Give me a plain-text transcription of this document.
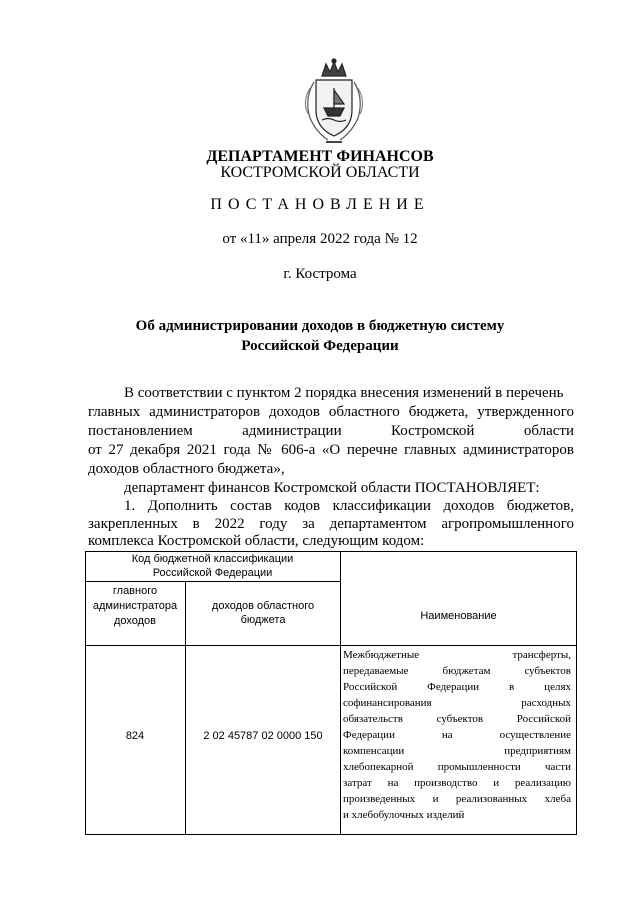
ДЕПАРТАМЕНТ ФИНАНСОВ
КОСТРОМСКОЙ ОБЛАСТИ
ПОСТАНОВЛЕНИЕ
от «11» апреля 2022 года № 12
г. Кострома
Об администрировании доходов в бюджетную систему
Российской Федерации
В соответствии с пунктом 2 порядка внесения изменений в перечень
главных администраторов доходов областного бюджета, утвержденного
постановлением администрации Костромской области
от 27 декабря 2021 года № 606-а «О перечне главных администраторов
доходов областного бюджета»,
департамент финансов Костромской области ПОСТАНОВЛЯЕТ:
1. Дополнить состав кодов классификации доходов бюджетов,
закрепленных в 2022 году за департаментом агропромышленного
комплекса Костромской области, следующим кодом:
Код бюджетной классификации
Российской Федерации
главного
администратора
доходов
доходов областного
бюджета	Наименование
824	2 02 45787 02 0000 150
Межбюджетные трансферты,
передаваемые бюджетам субъектов
Российской Федерации в целях
софинансирования расходных
обязательств субъектов Российской
Федерации на осуществление
компенсации предприятиям
хлебопекарной промышленности части
затрат на производство и реализацию
произведенных и реализованных хлеба
и хлебобулочных изделий
